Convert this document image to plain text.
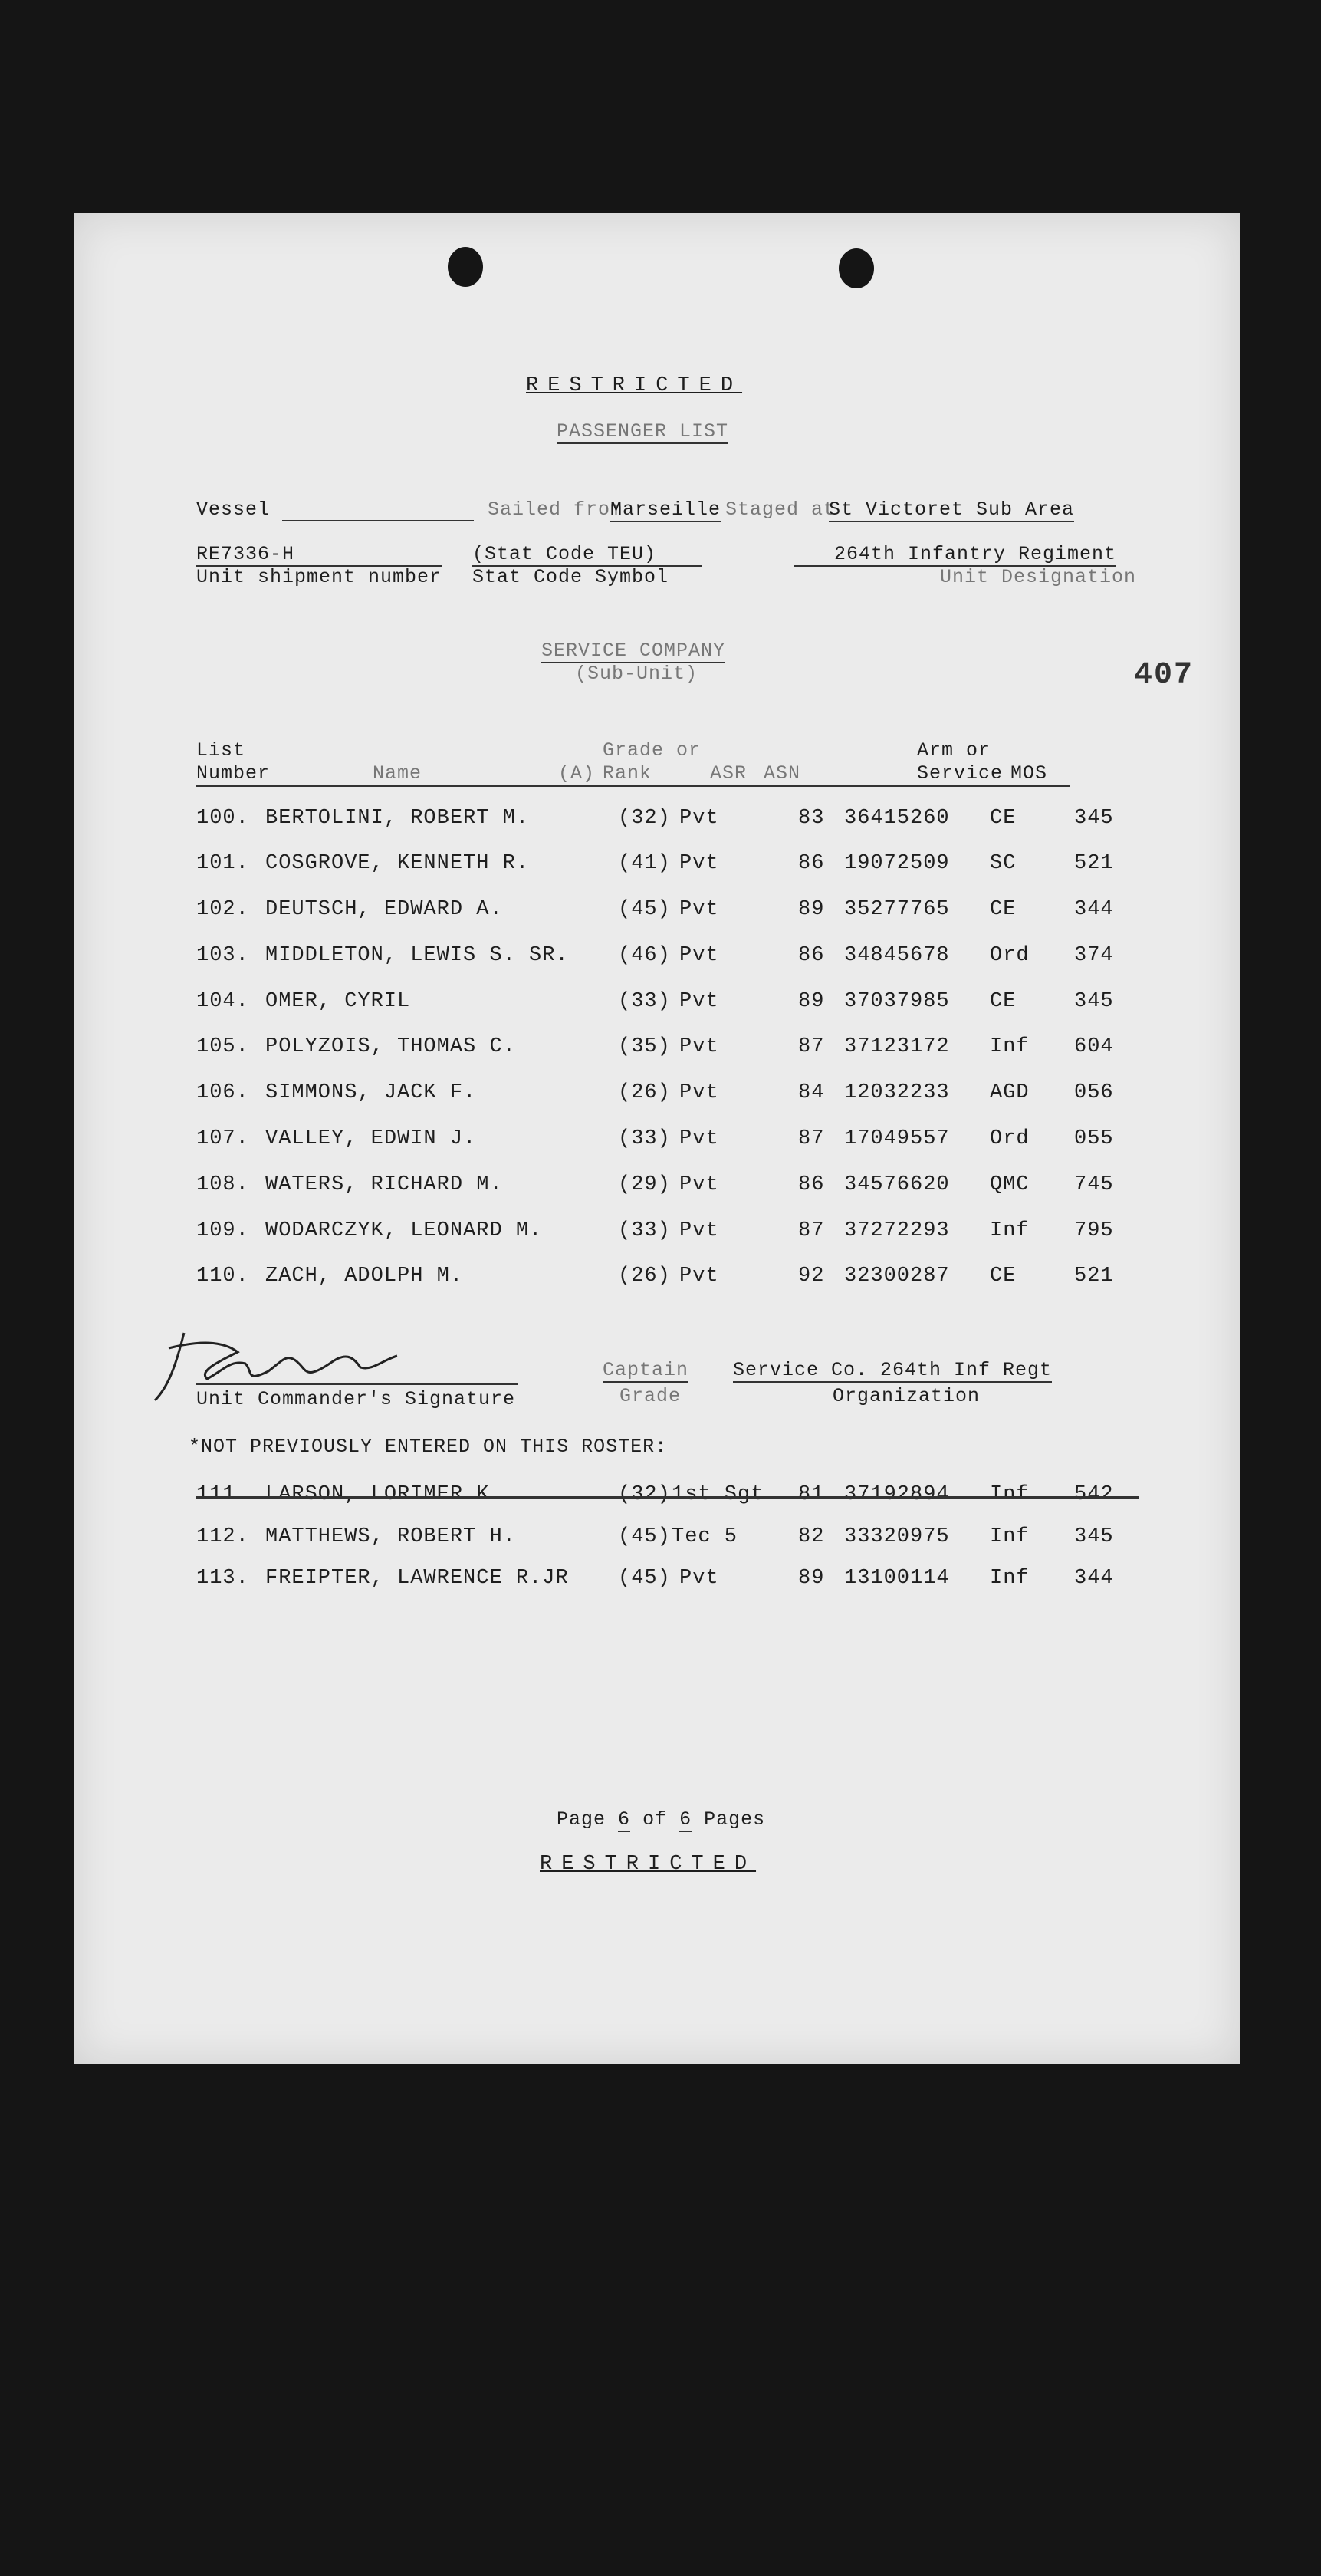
RESTRICTED
PASSENGER LIST
Vessel	Sailed from
Marseille Staged at
St Victoret Sub Area
RE7336-H
Unit shipment number
(Stat Code TEU)
Stat Code Symbol
264th Infantry Regiment
Unit Designation
SERVICE COMPANY
(Sub-Unit)	407
List
Number	Name	(A)
Grade or
Rank	ASR ASN
Arm or
Service MOS
100. BERTOLINI, ROBERT M.	(32) Pvt	83 36415260 CE	345
101. COSGROVE, KENNETH R.	(41) Pvt	86 19072509 SC	521
102. DEUTSCH, EDWARD A.	(45) Pvt	89 35277765 CE	344
103. MIDDLETON, LEWIS S. SR. (46) Pvt	86 34845678 Ord 374
104. OMER, CYRIL	(33) Pvt	89 37037985 CE	345
105. POLYZOIS, THOMAS C.	(35) Pvt	87 37123172 Inf 604
106. SIMMONS, JACK F.	(26) Pvt	84 12032233 AGD 056
107. VALLEY, EDWIN J.	(33) Pvt	87 17049557 Ord 055
108. WATERS, RICHARD M.	(29) Pvt	86 34576620 QMC 745
109. WODARCZYK, LEONARD M.	(33) Pvt	87 37272293 Inf 795
110. ZACH, ADOLPH M.	(26) Pvt	92 32300287 CE	521
Unit Commander's Signature
Captain
Grade
Service Co. 264th Inf Regt
Organization
*NOT PREVIOUSLY ENTERED ON THIS ROSTER:
111. LARSON, LORIMER K.	(32) 1st Sgt 81 37192894 Inf 542
112. MATTHEWS, ROBERT H.	(45) Tec 5	82 33320975 Inf 345
113. FREIPTER, LAWRENCE R.JR (45) Pvt	89 13100114 Inf 344
Page 6 of 6 Pages
RESTRICTED
